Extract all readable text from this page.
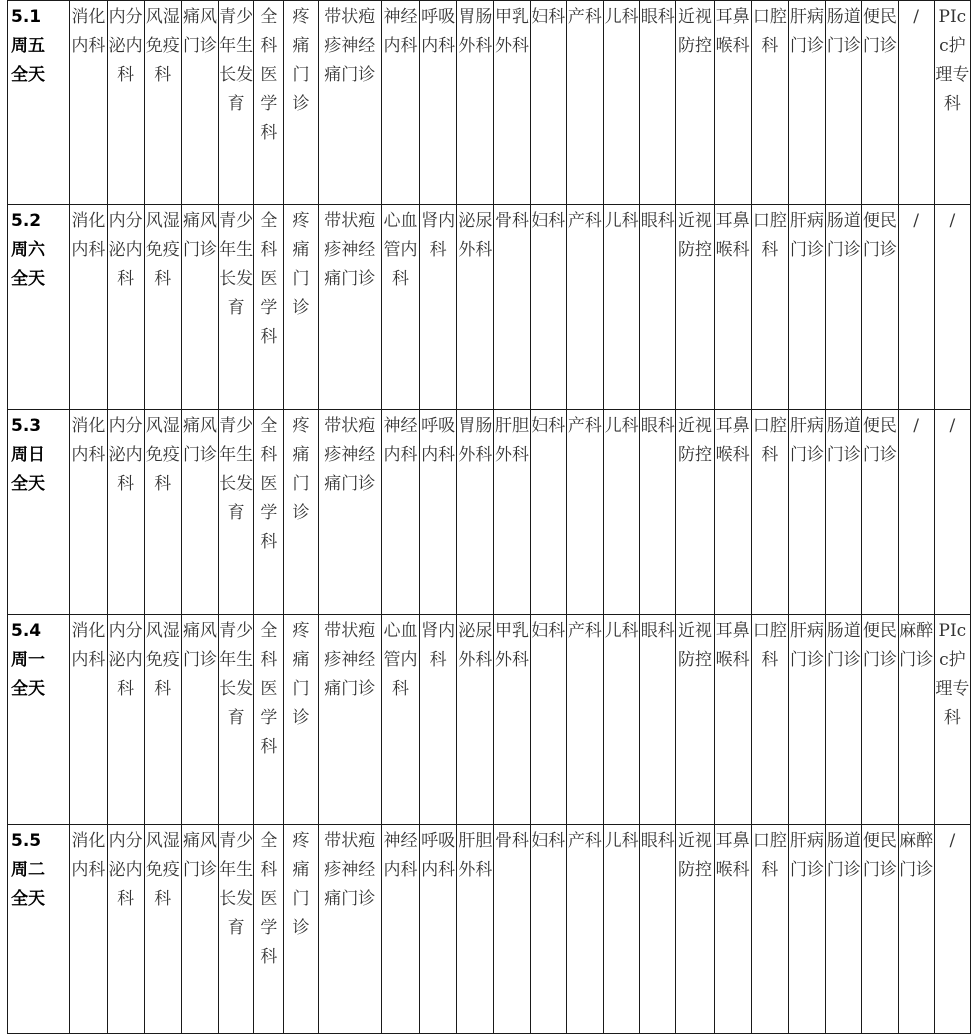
5.1
周五
全天	消化内科	内分泌内科	风湿免疫科	痛风门诊	青少年生长发育	全科医学科	疼痛门诊	带状疱疹神经痛门诊	神经内科	呼吸内科	胃肠外科	甲乳外科	妇科	产科	儿科	眼科	近视防控	耳鼻喉科	口腔科	肝病门诊	肠道门诊	便民门诊	/	PIcc护理专科

5.2
周六
全天	消化内科	内分泌内科	风湿免疫科	痛风门诊	青少年生长发育	全科医学科	疼痛门诊	带状疱疹神经痛门诊	心血管内科	肾内科	泌尿外科	骨科	妇科	产科	儿科	眼科	近视防控	耳鼻喉科	口腔科	肝病门诊	肠道门诊	便民门诊	/	/

5.3
周日
全天	消化内科	内分泌内科	风湿免疫科	痛风门诊	青少年生长发育	全科医学科	疼痛门诊	带状疱疹神经痛门诊	神经内科	呼吸内科	胃肠外科	肝胆外科	妇科	产科	儿科	眼科	近视防控	耳鼻喉科	口腔科	肝病门诊	肠道门诊	便民门诊	/	/

5.4
周一
全天	消化内科	内分泌内科	风湿免疫科	痛风门诊	青少年生长发育	全科医学科	疼痛门诊	带状疱疹神经痛门诊	心血管内科	肾内科	泌尿外科	甲乳外科	妇科	产科	儿科	眼科	近视防控	耳鼻喉科	口腔科	肝病门诊	肠道门诊	便民门诊	麻醉门诊	PIcc护理专科

5.5
周二
全天	消化内科	内分泌内科	风湿免疫科	痛风门诊	青少年生长发育	全科医学科	疼痛门诊	带状疱疹神经痛门诊	神经内科	呼吸内科	肝胆外科	骨科	妇科	产科	儿科	眼科	近视防控	耳鼻喉科	口腔科	肝病门诊	肠道门诊	便民门诊	麻醉门诊	/
